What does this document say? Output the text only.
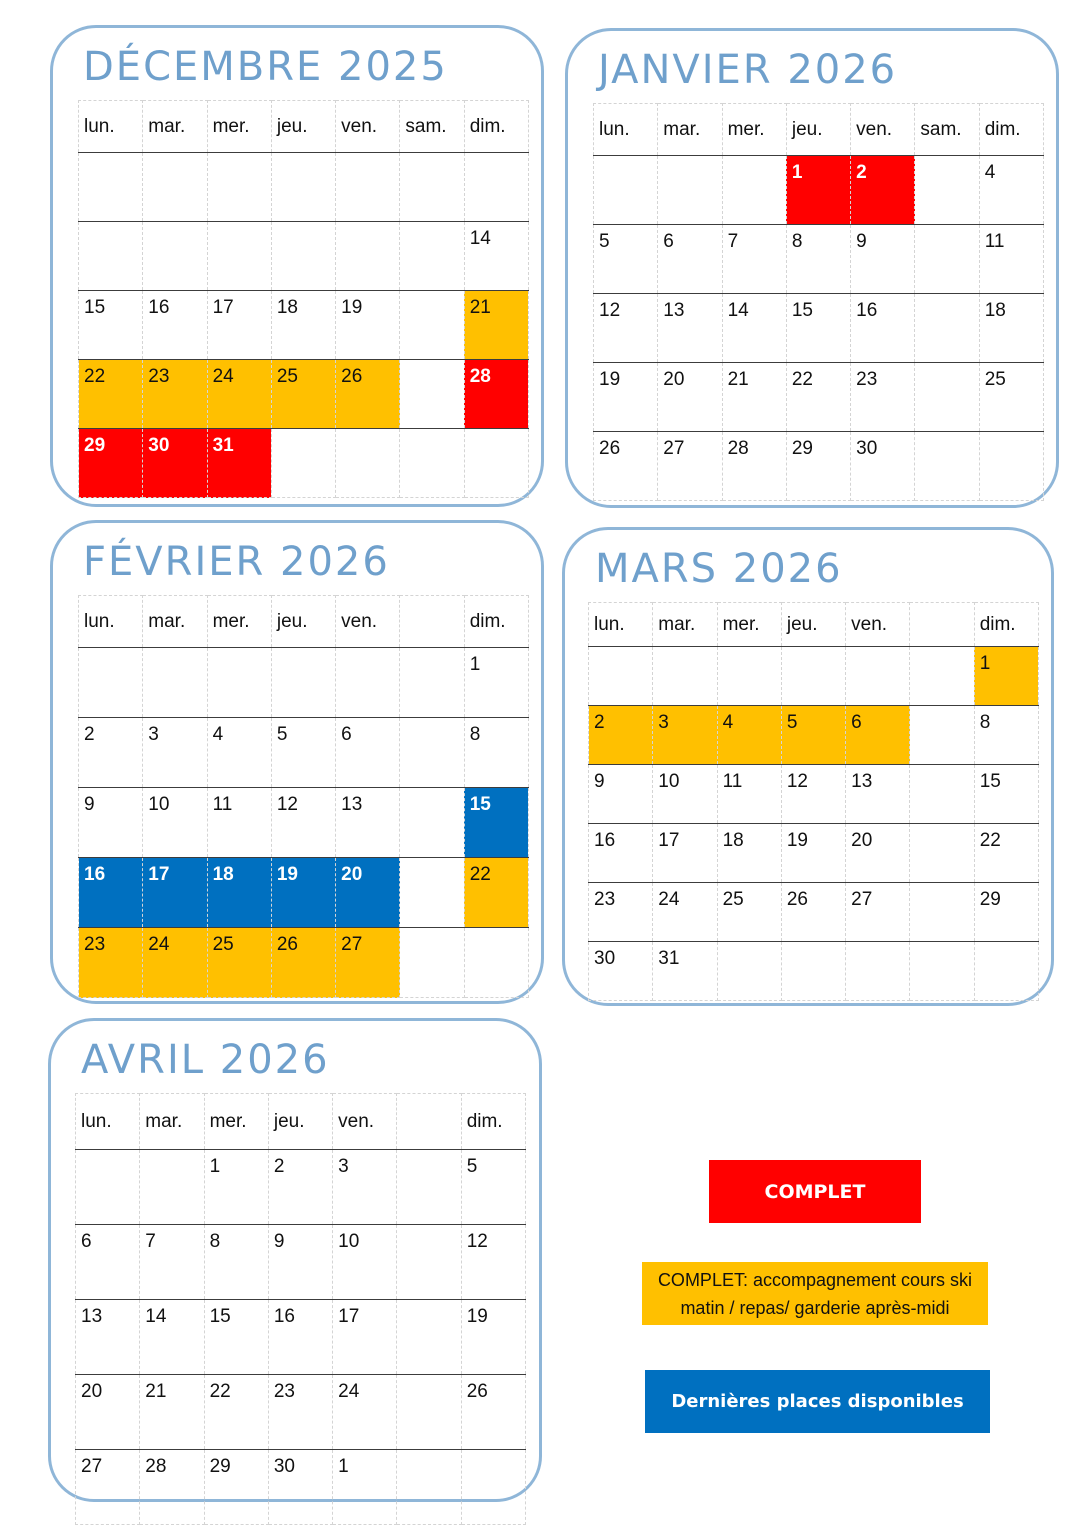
DÉCEMBRE 2025
lun.	mar.	mer.	jeu.	ven.	sam.	dim.

						14
15	16	17	18	19		21
22	23	24	25	26		28
29	30	31				
JANVIER 2026
lun.	mar.	mer.	jeu.	ven.	sam.	dim.
			1	2		4
5	6	7	8	9		11
12	13	14	15	16		18
19	20	21	22	23		25
26	27	28	29	30		
FÉVRIER 2026
lun.	mar.	mer.	jeu.	ven.		dim.
						1
2	3	4	5	6		8
9	10	11	12	13		15
16	17	18	19	20		22
23	24	25	26	27		
MARS 2026
lun.	mar.	mer.	jeu.	ven.		dim.
						1
2	3	4	5	6		8
9	10	11	12	13		15
16	17	18	19	20		22
23	24	25	26	27		29
30	31					
AVRIL 2026
lun.	mar.	mer.	jeu.	ven.		dim.
		1	2	3		5
6	7	8	9	10		12
13	14	15	16	17		19
20	21	22	23	24		26
27	28	29	30	1		
COMPLET
COMPLET: accompagnement cours ski matin / repas/ garderie après-midi
Dernières places disponibles
